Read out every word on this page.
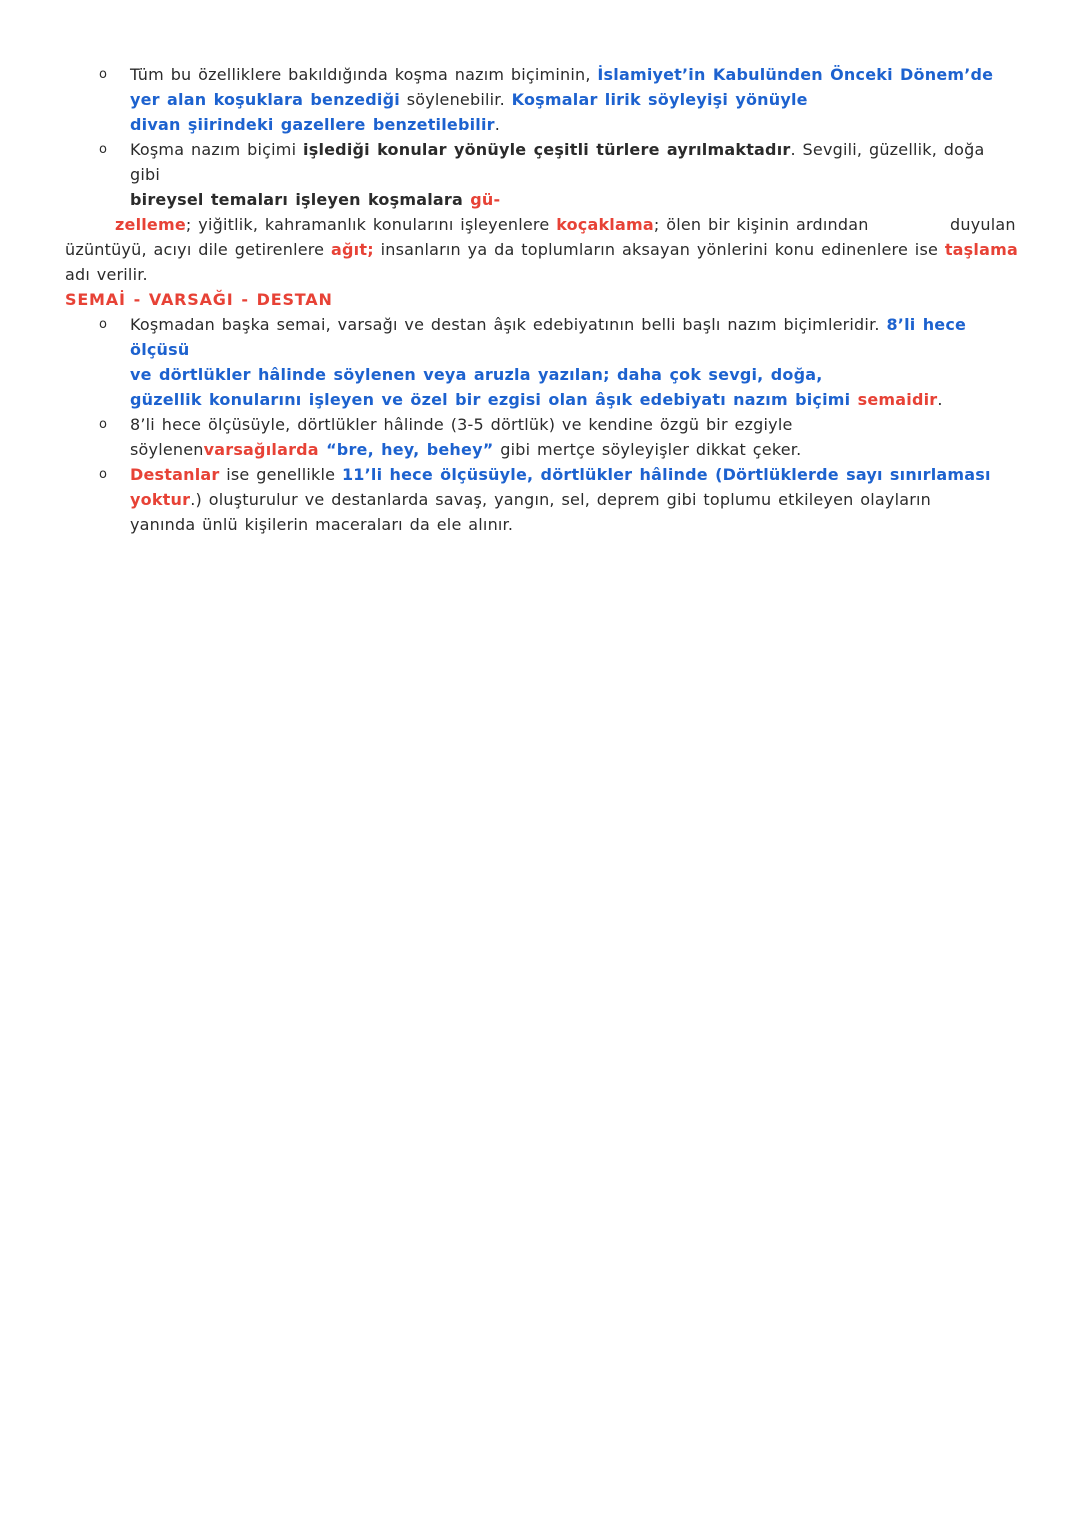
o Tüm bu özelliklere bakıldığında koşma nazım biçiminin, İslamiyet’in Kabulünden Önceki Dönem’de
yer alan koşuklara benzediği söylenebilir. Koşmalar lirik söyleyişi yönüyle
divan şiirindeki gazellere benzetilebilir.
o Koşma nazım biçimi işlediği konular yönüyle çeşitli türlere ayrılmaktadır. Sevgili, güzellik, doğa gibi
bireysel temaları işleyen koşmalara gü-
zelleme; yiğitlik, kahramanlık konularını işleyenlere koçaklama; ölen bir kişinin ardından            duyulan
üzüntüyü, acıyı dile getirenlere ağıt; insanların ya da toplumların aksayan yönlerini konu edinenlere ise taşlama
adı verilir.
SEMAİ - VARSAĞI - DESTAN
o Koşmadan başka semai, varsağı ve destan âşık edebiyatının belli başlı nazım biçimleridir. 8’li hece ölçüsü
ve dörtlükler hâlinde söylenen veya aruzla yazılan; daha çok sevgi, doğa,
güzellik konularını işleyen ve özel bir ezgisi olan âşık edebiyatı nazım biçimi semaidir.
o 8’li hece ölçüsüyle, dörtlükler hâlinde (3-5 dörtlük) ve kendine özgü bir ezgiyle
söylenenvarsağılarda “bre, hey, behey” gibi mertçe söyleyişler dikkat çeker.
o Destanlar ise genellikle 11’li hece ölçüsüyle, dörtlükler hâlinde (Dörtlüklerde sayı sınırlaması
yoktur.) oluşturulur ve destanlarda savaş, yangın, sel, deprem gibi toplumu etkileyen olayların
yanında ünlü kişilerin maceraları da ele alınır.
